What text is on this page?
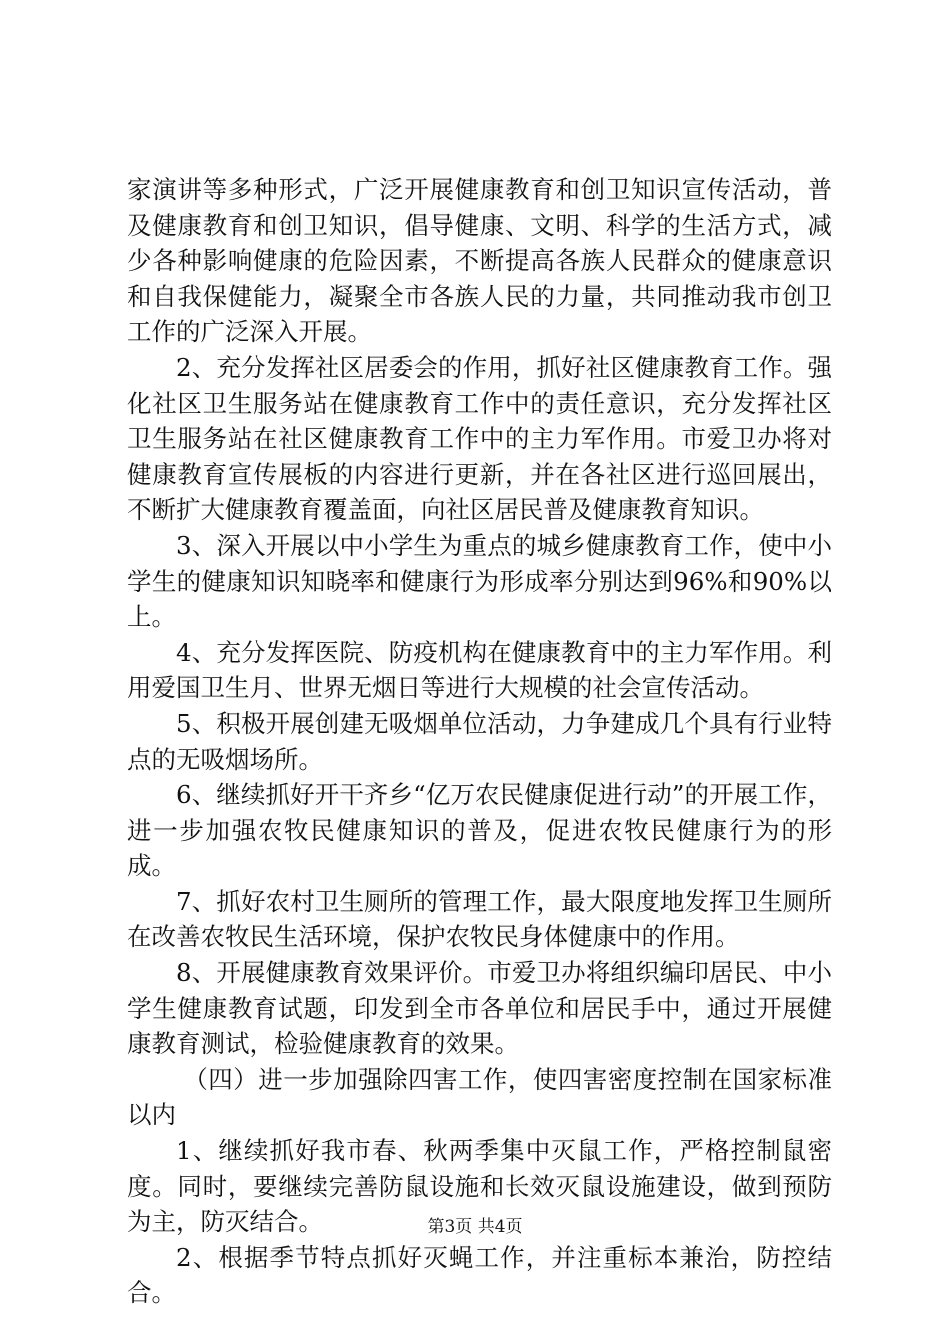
家演讲等多种形式，广泛开展健康教育和创卫知识宣传活动，普及健康教育和创卫知识，倡导健康、文明、科学的生活方式，减少各种影响健康的危险因素，不断提高各族人民群众的健康意识和自我保健能力，凝聚全市各族人民的力量，共同推动我市创卫工作的广泛深入开展。

2、充分发挥社区居委会的作用，抓好社区健康教育工作。强化社区卫生服务站在健康教育工作中的责任意识，充分发挥社区卫生服务站在社区健康教育工作中的主力军作用。市爱卫办将对健康教育宣传展板的内容进行更新，并在各社区进行巡回展出，不断扩大健康教育覆盖面，向社区居民普及健康教育知识。

3、深入开展以中小学生为重点的城乡健康教育工作，使中小学生的健康知识知晓率和健康行为形成率分别达到96%和90%以上。

4、充分发挥医院、防疫机构在健康教育中的主力军作用。利用爱国卫生月、世界无烟日等进行大规模的社会宣传活动。

5、积极开展创建无吸烟单位活动，力争建成几个具有行业特点的无吸烟场所。

6、继续抓好开干齐乡“亿万农民健康促进行动”的开展工作，进一步加强农牧民健康知识的普及，促进农牧民健康行为的形成。

7、抓好农村卫生厕所的管理工作，最大限度地发挥卫生厕所在改善农牧民生活环境，保护农牧民身体健康中的作用。

8、开展健康教育效果评价。市爱卫办将组织编印居民、中小学生健康教育试题，印发到全市各单位和居民手中，通过开展健康教育测试，检验健康教育的效果。

（四）进一步加强除四害工作，使四害密度控制在国家标准以内

1、继续抓好我市春、秋两季集中灭鼠工作，严格控制鼠密度。同时，要继续完善防鼠设施和长效灭鼠设施建设，做到预防为主，防灭结合。

2、根据季节特点抓好灭蝇工作，并注重标本兼治，防控结合。

第3页 共4页
